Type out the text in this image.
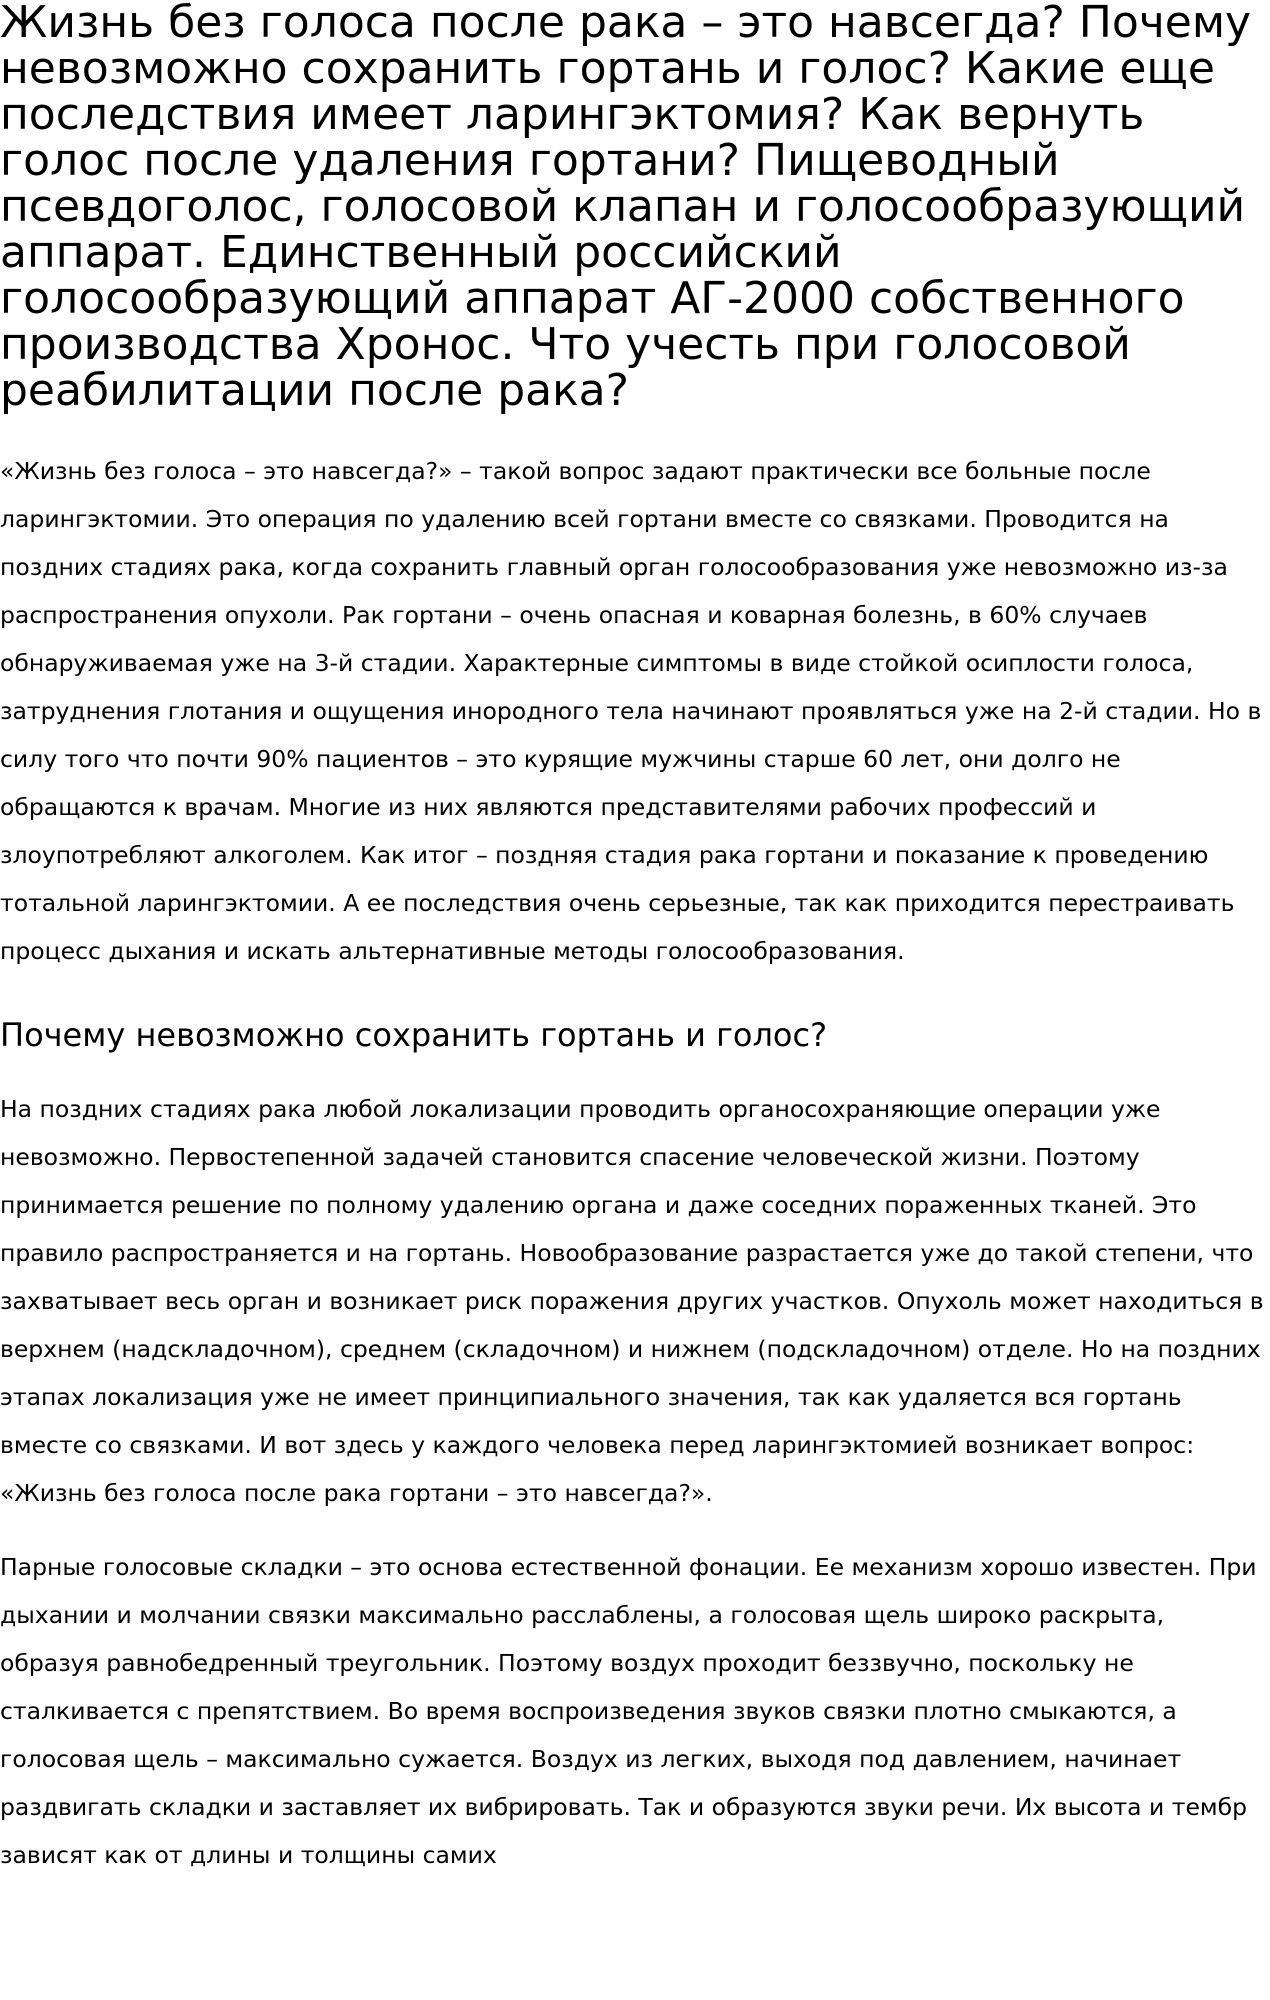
Жизнь без голоса после рака – это навсегда? Почему невозможно сохранить гортань и голос? Какие еще последствия имеет ларингэктомия? Как вернуть голос после удаления гортани? Пищеводный псевдоголос, голосовой клапан и голосообразующий аппарат. Единственный российский голосообразующий аппарат АГ-2000 собственного производства Хронос. Что учесть при голосовой реабилитации после рака?

«Жизнь без голоса – это навсегда?» – такой вопрос задают практически все больные после ларингэктомии. Это операция по удалению всей гортани вместе со связками. Проводится на поздних стадиях рака, когда сохранить главный орган голосообразования уже невозможно из-за распространения опухоли. Рак гортани – очень опасная и коварная болезнь, в 60% случаев обнаруживаемая уже на 3-й стадии. Характерные симптомы в виде стойкой осиплости голоса, затруднения глотания и ощущения инородного тела начинают проявляться уже на 2-й стадии. Но в силу того что почти 90% пациентов – это курящие мужчины старше 60 лет, они долго не обращаются к врачам. Многие из них являются представителями рабочих профессий и злоупотребляют алкоголем. Как итог – поздняя стадия рака гортани и показание к проведению тотальной ларингэктомии. А ее последствия очень серьезные, так как приходится перестраивать процесс дыхания и искать альтернативные методы голосообразования.

Почему невозможно сохранить гортань и голос?

На поздних стадиях рака любой локализации проводить органосохраняющие операции уже невозможно. Первостепенной задачей становится спасение человеческой жизни. Поэтому принимается решение по полному удалению органа и даже соседних пораженных тканей. Это правило распространяется и на гортань. Новообразование разрастается уже до такой степени, что захватывает весь орган и возникает риск поражения других участков. Опухоль может находиться в верхнем (надскладочном), среднем (складочном) и нижнем (подскладочном) отделе. Но на поздних этапах локализация уже не имеет принципиального значения, так как удаляется вся гортань вместе со связками. И вот здесь у каждого человека перед ларингэктомией возникает вопрос: «Жизнь без голоса после рака гортани – это навсегда?».

Парные голосовые складки – это основа естественной фонации. Ее механизм хорошо известен. При дыхании и молчании связки максимально расслаблены, а голосовая щель широко раскрыта, образуя равнобедренный треугольник. Поэтому воздух проходит беззвучно, поскольку не сталкивается с препятствием. Во время воспроизведения звуков связки плотно смыкаются, а голосовая щель – максимально сужается. Воздух из легких, выходя под давлением, начинает раздвигать складки и заставляет их вибрировать. Так и образуются звуки речи. Их высота и тембр зависят как от длины и толщины самих
